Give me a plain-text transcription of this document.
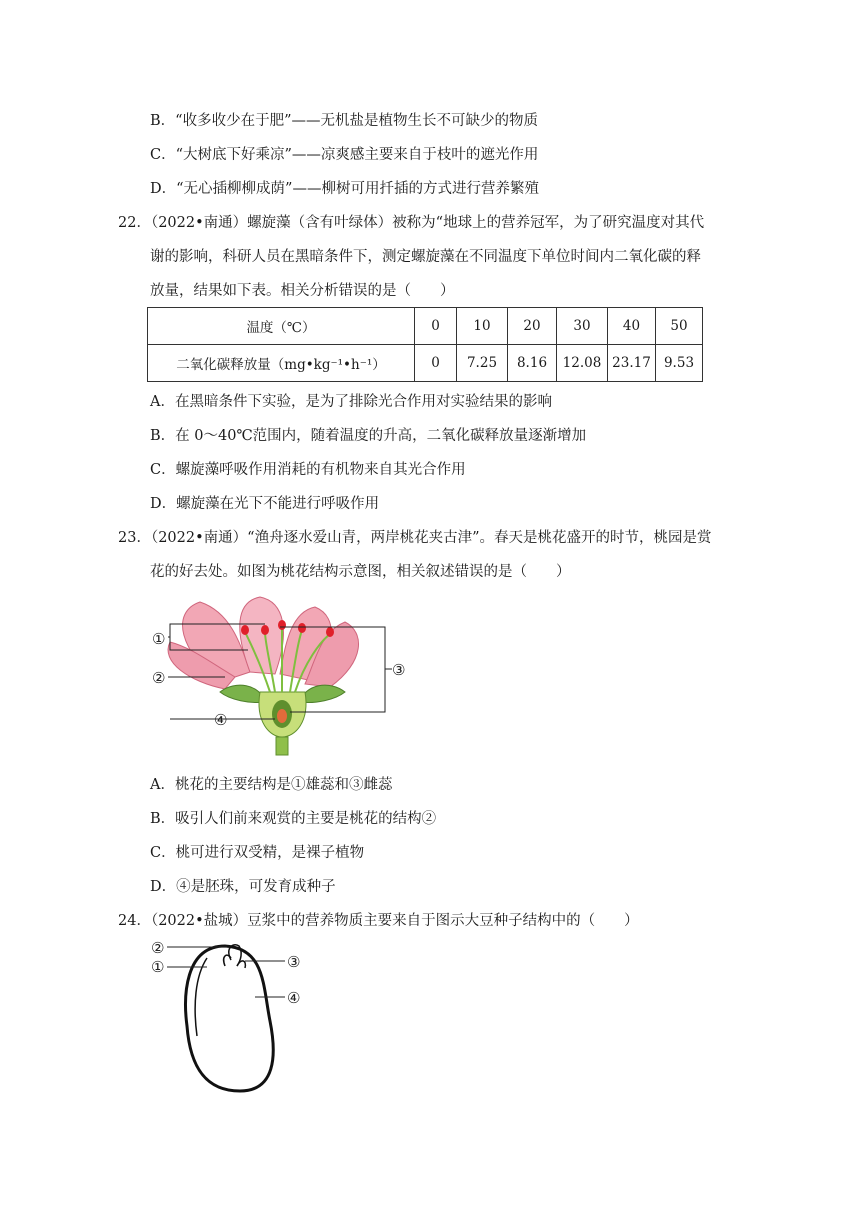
B．“收多收少在于肥”——无机盐是植物生长不可缺少的物质
C．“大树底下好乘凉”——凉爽感主要来自于枝叶的遮光作用
D．“无心插柳柳成荫”——柳树可用扦插的方式进行营养繁殖
22．（2022•南通）螺旋藻（含有叶绿体）被称为“地球上的营养冠军，为了研究温度对其代
谢的影响，科研人员在黑暗条件下，测定螺旋藻在不同温度下单位时间内二氧化碳的释
放量，结果如下表。相关分析错误的是（　　）
温度（℃）	0	10	20	30	40	50
二氧化碳释放量（mg•kg⁻¹•h⁻¹）	0	7.25	8.16	12.08	23.17	9.53
A．在黑暗条件下实验，是为了排除光合作用对实验结果的影响
B．在 0～40℃范围内，随着温度的升高，二氧化碳释放量逐渐增加
C．螺旋藻呼吸作用消耗的有机物来自其光合作用
D．螺旋藻在光下不能进行呼吸作用
23．（2022•南通）“渔舟逐水爱山青，两岸桃花夹古津”。春天是桃花盛开的时节，桃园是赏
花的好去处。如图为桃花结构示意图，相关叙述错误的是（　　）
①
②	③
④
A．桃花的主要结构是①雄蕊和③雌蕊
B．吸引人们前来观赏的主要是桃花的结构②
C．桃可进行双受精，是裸子植物
D．④是胚珠，可发育成种子
24．（2022•盐城）豆浆中的营养物质主要来自于图示大豆种子结构中的（　　）
②
①	③
④
